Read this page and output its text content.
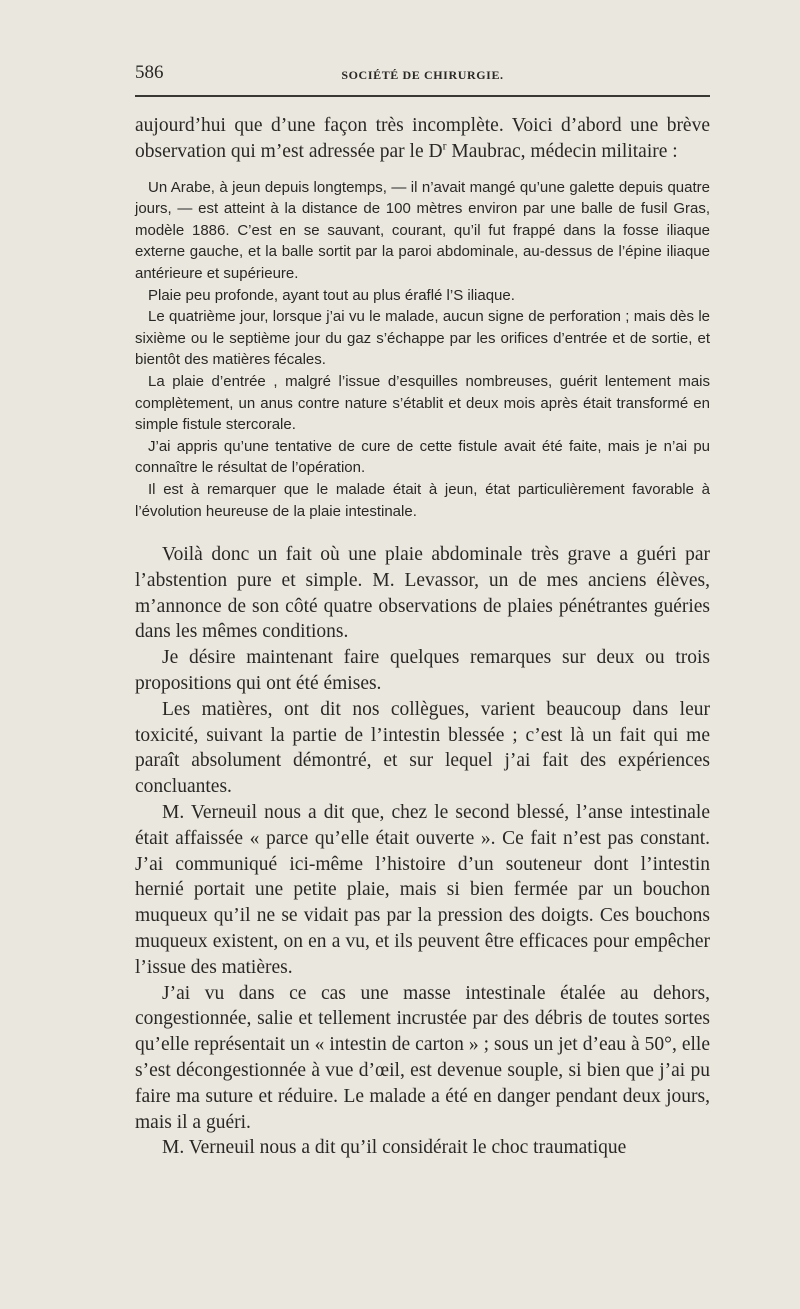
586	SOCIÉTÉ DE CHIRURGIE.

aujourd’hui que d’une façon très incomplète. Voici d’abord une brève observation qui m’est adressée par le $D^r$ Maubrac, médecin militaire :

Un Arabe, à jeun depuis longtemps, — il n’avait mangé qu’une galette depuis quatre jours, — est atteint à la distance de 100 mètres environ par une balle de fusil Gras, modèle 1886. C’est en se sauvant, courant, qu’il fut frappé dans la fosse iliaque externe gauche, et la balle sortit par la paroi abdominale, au-dessus de l’épine iliaque antérieure et supérieure.

Plaie peu profonde, ayant tout au plus éraflé l’S iliaque.

Le quatrième jour, lorsque j’ai vu le malade, aucun signe de perforation ; mais dès le sixième ou le septième jour du gaz s’échappe par les orifices d’entrée et de sortie, et bientôt des matières fécales.

La plaie d’entrée , malgré l’issue d’esquilles nombreuses, guérit lentement mais complètement, un anus contre nature s’établit et deux mois après était transformé en simple fistule stercorale.

J’ai appris qu’une tentative de cure de cette fistule avait été faite, mais je n’ai pu connaître le résultat de l’opération.

Il est à remarquer que le malade était à jeun, état particulièrement favorable à l’évolution heureuse de la plaie intestinale.

Voilà donc un fait où une plaie abdominale très grave a guéri par l’abstention pure et simple. M. Levassor, un de mes anciens élèves, m’annonce de son côté quatre observations de plaies pénétrantes guéries dans les mêmes conditions.

Je désire maintenant faire quelques remarques sur deux ou trois propositions qui ont été émises.

Les matières, ont dit nos collègues, varient beaucoup dans leur toxicité, suivant la partie de l’intestin blessée ; c’est là un fait qui me paraît absolument démontré, et sur lequel j’ai fait des expériences concluantes.

M. Verneuil nous a dit que, chez le second blessé, l’anse intestinale était affaissée « parce qu’elle était ouverte ». Ce fait n’est pas constant. J’ai communiqué ici-même l’histoire d’un souteneur dont l’intestin hernié portait une petite plaie, mais si bien fermée par un bouchon muqueux qu’il ne se vidait pas par la pression des doigts. Ces bouchons muqueux existent, on en a vu, et ils peuvent être efficaces pour empêcher l’issue des matières.

J’ai vu dans ce cas une masse intestinale étalée au dehors, congestionnée, salie et tellement incrustée par des débris de toutes sortes qu’elle représentait un « intestin de carton » ; sous un jet d’eau à 50°, elle s’est décongestionnée à vue d’œil, est devenue souple, si bien que j’ai pu faire ma suture et réduire. Le malade a été en danger pendant deux jours, mais il a guéri.

M. Verneuil nous a dit qu’il considérait le choc traumatique
